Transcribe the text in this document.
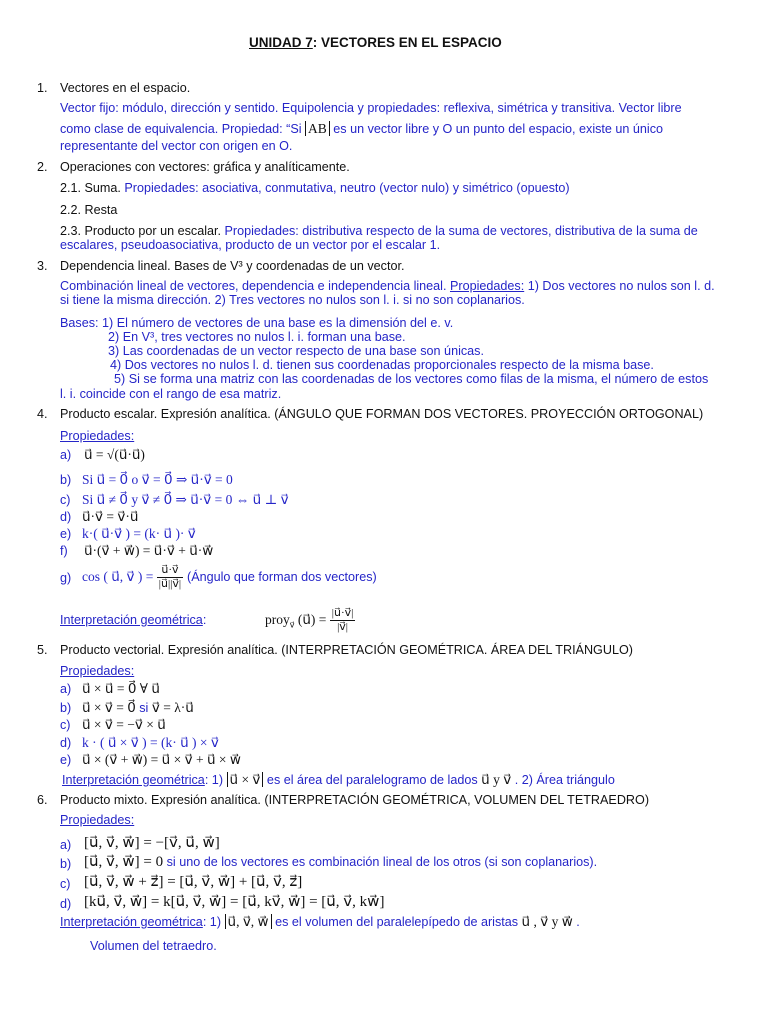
UNIDAD 7: VECTORES EN EL ESPACIO
1. Vectores en el espacio.
Vector fijo: módulo, dirección y sentido. Equipolencia y propiedades: reflexiva, simétrica y transitiva. Vector libre
como clase de equivalencia. Propiedad: “Si AB es un vector libre y O un punto del espacio, existe un único
representante del vector con origen en O.
2. Operaciones con vectores: gráfica y analíticamente.
2.1. Suma. Propiedades: asociativa, conmutativa, neutro (vector nulo) y simétrico (opuesto)
2.2. Resta
2.3. Producto por un escalar. Propiedades: distributiva respecto de la suma de vectores, distributiva de la suma de
escalares, pseudoasociativa, producto de un vector por el escalar 1.
3. Dependencia lineal. Bases de V³ y coordenadas de un vector.
Combinación lineal de vectores, dependencia e independencia lineal. Propiedades: 1) Dos vectores no nulos son l. d.
si tiene la misma dirección. 2) Tres vectores no nulos son l. i. si no son coplanarios.
Bases: 1) El número de vectores de una base es la dimensión del e. v.
2) En V³, tres vectores no nulos l. i. forman una base.
3) Las coordenadas de un vector respecto de una base son únicas.
4) Dos vectores no nulos l. d. tienen sus coordenadas proporcionales respecto de la misma base.
5) Si se forma una matriz con las coordenadas de los vectores como filas de la misma, el número de estos
l. i. coincide con el rango de esa matriz.
4. Producto escalar. Expresión analítica. (ÁNGULO QUE FORMAN DOS VECTORES. PROYECCIÓN ORTOGONAL)
Propiedades:
a) u⃗ = √(u⃗·u⃗)
b) Si u⃗ = 0⃗ o v⃗ = 0⃗ ⇒ u⃗·v⃗ = 0
c) Si u⃗ ≠ 0⃗ y v⃗ ≠ 0⃗ ⇒ u⃗·v⃗ = 0 ⇔ u⃗ ⊥ v⃗
d) u⃗·v⃗ = v⃗·u⃗
e) k·( u⃗·v⃗ ) = (k· u⃗ )· v⃗
f) u⃗·(v⃗ + w⃗) = u⃗·v⃗ + u⃗·w⃗
g) cos ( u⃗, v⃗ ) = $\frac{u⃗\cdot v⃗}{|u⃗||v⃗|}$ (Ángulo que forman dos vectores)
Interpretación geométrica:	proy$_{v⃗}$ (u⃗) = $\frac{|u⃗\cdot v⃗|}{|v⃗|}$
5. Producto vectorial. Expresión analítica. (INTERPRETACIÓN GEOMÉTRICA. ÁREA DEL TRIÁNGULO)
Propiedades:
a) u⃗ × u⃗ = 0⃗ ∀ u⃗
b) u⃗ × v⃗ = 0⃗ si v⃗ = λ·u⃗
c) u⃗ × v⃗ = −v⃗ × u⃗
d) k · ( u⃗ × v⃗ ) = (k· u⃗ ) × v⃗
e) u⃗ × (v⃗ + w⃗) = u⃗ × v⃗ + u⃗ × w⃗
Interpretación geométrica: 1) u⃗ × v⃗ es el área del paralelogramo de lados u⃗ y v⃗ . 2) Área triángulo
6. Producto mixto. Expresión analítica. (INTERPRETACIÓN GEOMÉTRICA, VOLUMEN DEL TETRAEDRO)
Propiedades:
a) [u⃗, v⃗, w⃗] = −[v⃗, u⃗, w⃗]
b) [u⃗, v⃗, w⃗] = 0 si uno de los vectores es combinación lineal de los otros (si son coplanarios).
c) [u⃗, v⃗, w⃗ + z⃗] = [u⃗, v⃗, w⃗] + [u⃗, v⃗, z⃗]
d) [ku⃗, v⃗, w⃗] = k[u⃗, v⃗, w⃗] = [u⃗, kv⃗, w⃗] = [u⃗, v⃗, kw⃗]
Interpretación geométrica: 1) u⃗, v⃗, w⃗ es el volumen del paralelepípedo de aristas u⃗ , v⃗ y w⃗ .
Volumen del tetraedro.
